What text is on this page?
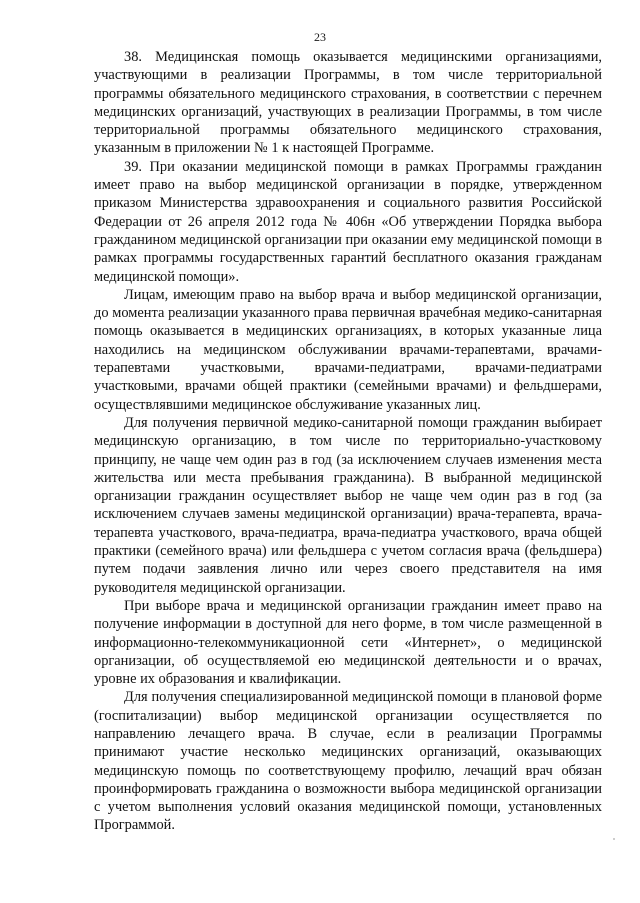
23

38. Медицинская помощь оказывается медицинскими организациями, участвующими в реализации Программы, в том числе территориальной программы обязательного медицинского страхования, в соответствии с перечнем медицинских организаций, участвующих в реализации Программы, в том числе территориальной программы обязательного медицинского страхования, указанным в приложении № 1 к настоящей Программе.

39. При оказании медицинской помощи в рамках Программы гражданин имеет право на выбор медицинской организации в порядке, утвержденном приказом Министерства здравоохранения и социального развития Российской Федерации от 26 апреля 2012 года № 406н «Об утверждении Порядка выбора гражданином медицинской организации при оказании ему медицинской помощи в рамках программы государственных гарантий бесплатного оказания гражданам медицинской помощи».

Лицам, имеющим право на выбор врача и выбор медицинской организации, до момента реализации указанного права первичная врачебная медико-санитарная помощь оказывается в медицинских организациях, в которых указанные лица находились на медицинском обслуживании врачами-терапевтами, врачами-терапевтами участковыми, врачами-педиатрами, врачами-педиатрами участковыми, врачами общей практики (семейными врачами) и фельдшерами, осуществлявшими медицинское обслуживание указанных лиц.

Для получения первичной медико-санитарной помощи гражданин выбирает медицинскую организацию, в том числе по территориально-участковому принципу, не чаще чем один раз в год (за исключением случаев изменения места жительства или места пребывания гражданина). В выбранной медицинской организации гражданин осуществляет выбор не чаще чем один раз в год (за исключением случаев замены медицинской организации) врача-терапевта, врача-терапевта участкового, врача-педиатра, врача-педиатра участкового, врача общей практики (семейного врача) или фельдшера с учетом согласия врача (фельдшера) путем подачи заявления лично или через своего представителя на имя руководителя медицинской организации.

При выборе врача и медицинской организации гражданин имеет право на получение информации в доступной для него форме, в том числе размещенной в информационно-телекоммуникационной сети «Интернет», о медицинской организации, об осуществляемой ею медицинской деятельности и о врачах, уровне их образования и квалификации.

Для получения специализированной медицинской помощи в плановой форме (госпитализации) выбор медицинской организации осуществляется по направлению лечащего врача. В случае, если в реализации Программы принимают участие несколько медицинских организаций, оказывающих медицинскую помощь по соответствующему профилю, лечащий врач обязан проинформировать гражданина о возможности выбора медицинской организации с учетом выполнения условий оказания медицинской помощи, установленных Программой.
